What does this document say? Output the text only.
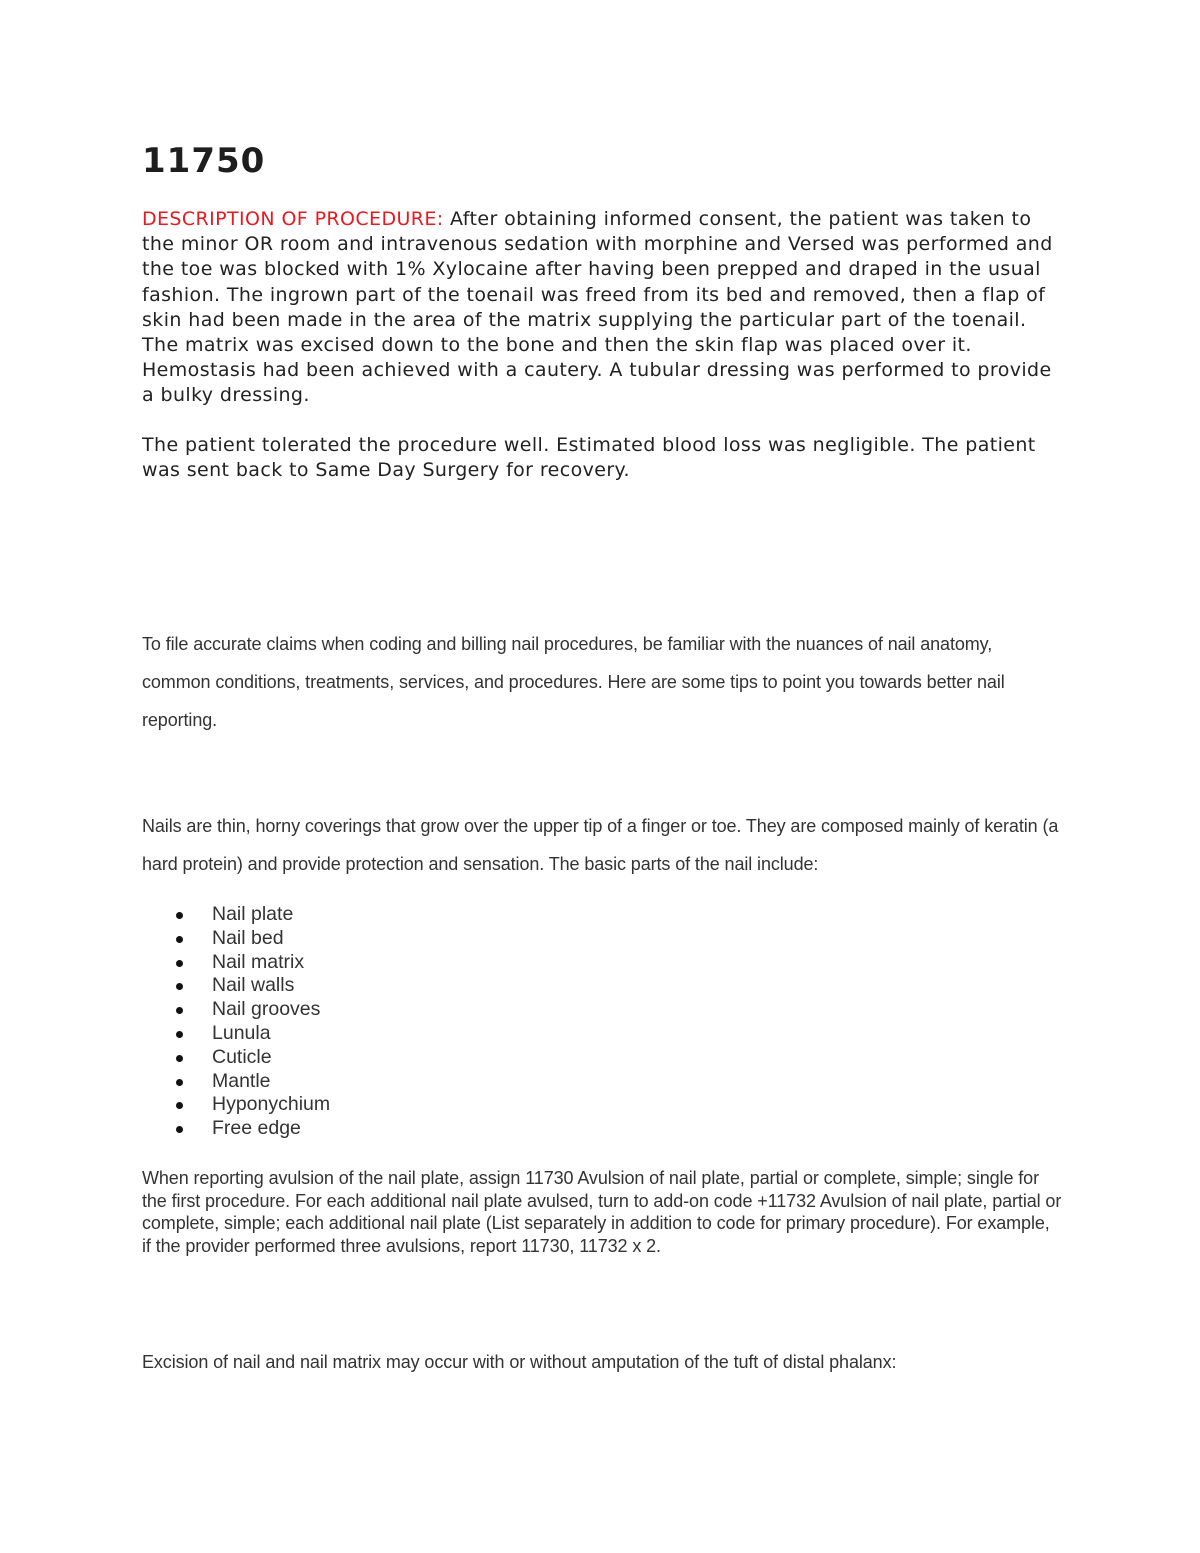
11750

DESCRIPTION OF PROCEDURE: After obtaining informed consent, the patient was taken to the minor OR room and intravenous sedation with morphine and Versed was performed and the toe was blocked with 1% Xylocaine after having been prepped and draped in the usual fashion. The ingrown part of the toenail was freed from its bed and removed, then a flap of skin had been made in the area of the matrix supplying the particular part of the toenail. The matrix was excised down to the bone and then the skin flap was placed over it. Hemostasis had been achieved with a cautery. A tubular dressing was performed to provide a bulky dressing.

The patient tolerated the procedure well. Estimated blood loss was negligible. The patient was sent back to Same Day Surgery for recovery.

To file accurate claims when coding and billing nail procedures, be familiar with the nuances of nail anatomy, common conditions, treatments, services, and procedures. Here are some tips to point you towards better nail reporting.

Nails are thin, horny coverings that grow over the upper tip of a finger or toe. They are composed mainly of keratin (a hard protein) and provide protection and sensation. The basic parts of the nail include:

Nail plate
Nail bed
Nail matrix
Nail walls
Nail grooves
Lunula
Cuticle
Mantle
Hyponychium
Free edge

When reporting avulsion of the nail plate, assign 11730 Avulsion of nail plate, partial or complete, simple; single for the first procedure. For each additional nail plate avulsed, turn to add-on code +11732 Avulsion of nail plate, partial or complete, simple; each additional nail plate (List separately in addition to code for primary procedure). For example, if the provider performed three avulsions, report 11730, 11732 x 2.

Excision of nail and nail matrix may occur with or without amputation of the tuft of distal phalanx:
